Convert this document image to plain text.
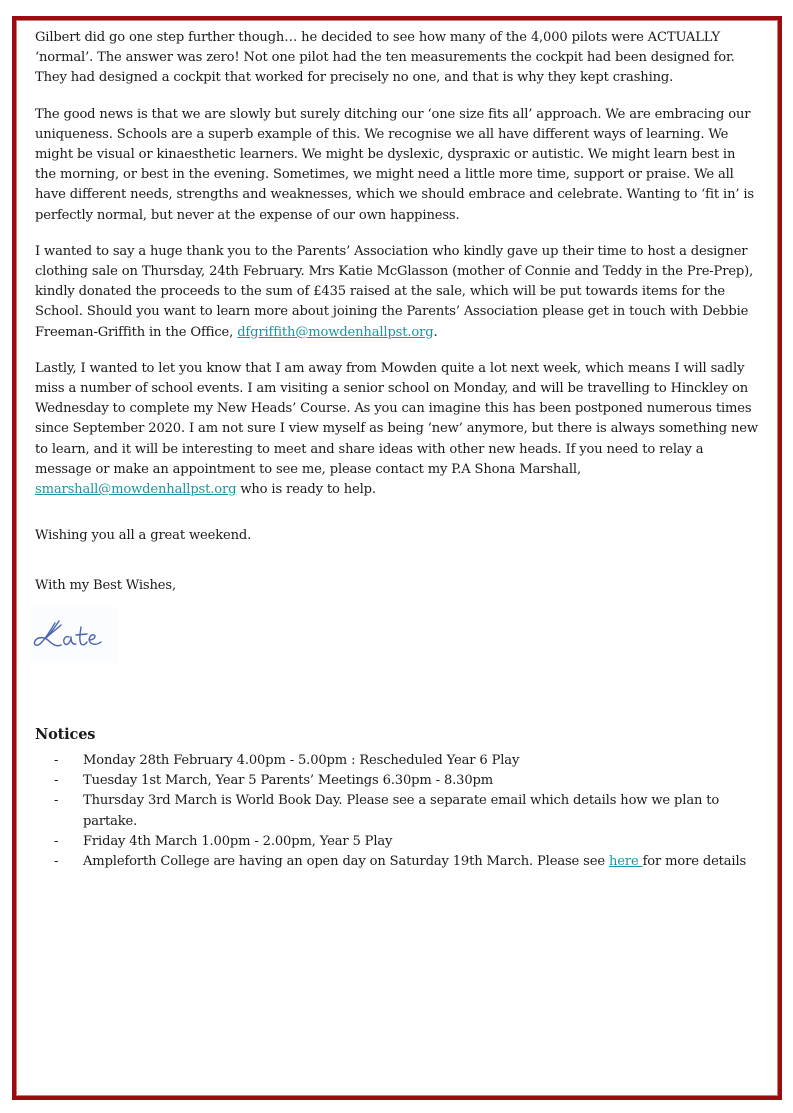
Gilbert did go one step further though… he decided to see how many of the 4,000 pilots were ACTUALLY ‘normal’. The answer was zero! Not one pilot had the ten measurements the cockpit had been designed for. They had designed a cockpit that worked for precisely no one, and that is why they kept crashing.

The good news is that we are slowly but surely ditching our ‘one size fits all’ approach. We are embracing our uniqueness. Schools are a superb example of this. We recognise we all have different ways of learning. We might be visual or kinaesthetic learners. We might be dyslexic, dyspraxic or autistic. We might learn best in the morning, or best in the evening. Sometimes, we might need a little more time, support or praise. We all have different needs, strengths and weaknesses, which we should embrace and celebrate. Wanting to ‘fit in’ is perfectly normal, but never at the expense of our own happiness.

I wanted to say a huge thank you to the Parents’ Association who kindly gave up their time to host a designer clothing sale on Thursday, 24th February. Mrs Katie McGlasson (mother of Connie and Teddy in the Pre-Prep), kindly donated the proceeds to the sum of £435 raised at the sale, which will be put towards items for the School. Should you want to learn more about joining the Parents’ Association please get in touch with Debbie Freeman-Griffith in the Office, dfgriffith@mowdenhallpst.org.

Lastly, I wanted to let you know that I am away from Mowden quite a lot next week, which means I will sadly miss a number of school events. I am visiting a senior school on Monday, and will be travelling to Hinckley on Wednesday to complete my New Heads’ Course. As you can imagine this has been postponed numerous times since September 2020. I am not sure I view myself as being ‘new’ anymore, but there is always something new to learn, and it will be interesting to meet and share ideas with other new heads. If you need to relay a message or make an appointment to see me, please contact my P.A Shona Marshall, smarshall@mowdenhallpst.org who is ready to help.

Wishing you all a great weekend.

With my Best Wishes,

Notices
- Monday 28th February 4.00pm - 5.00pm : Rescheduled Year 6 Play
- Tuesday 1st March, Year 5 Parents’ Meetings 6.30pm - 8.30pm
- Thursday 3rd March is World Book Day. Please see a separate email which details how we plan to partake.
- Friday 4th March 1.00pm - 2.00pm, Year 5 Play
- Ampleforth College are having an open day on Saturday 19th March. Please see here for more details
